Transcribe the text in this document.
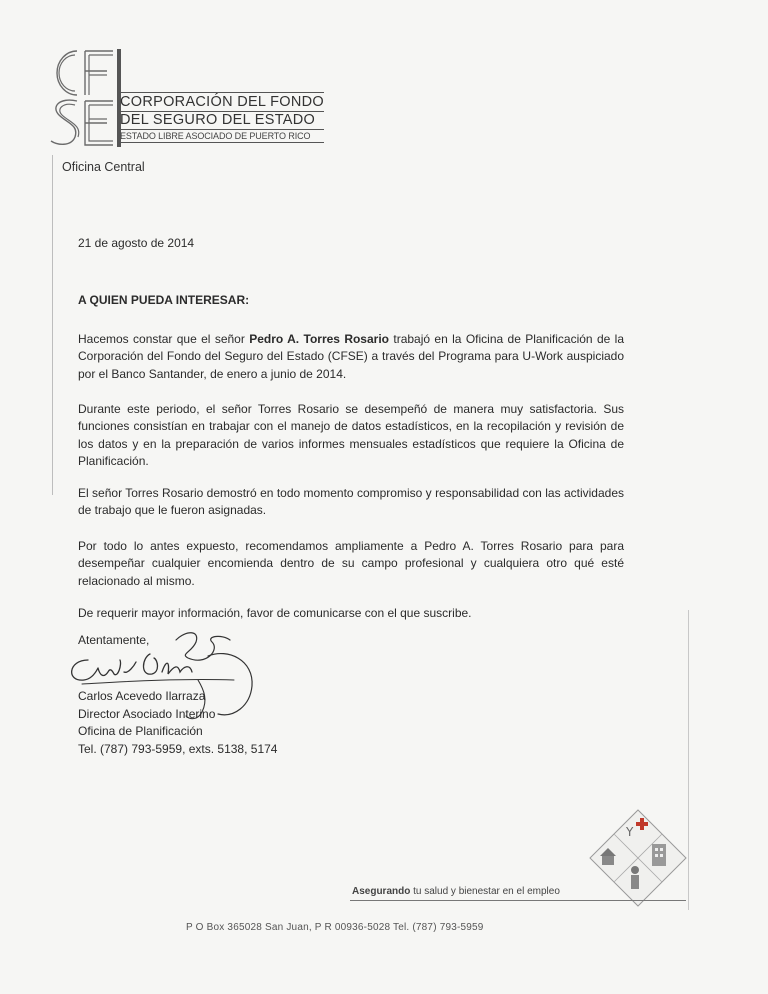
CORPORACIÓN DEL FONDO
DEL SEGURO DEL ESTADO
ESTADO LIBRE ASOCIADO DE PUERTO RICO
Oficina Central
21 de agosto de 2014
A QUIEN PUEDA INTERESAR:
Hacemos constar que el señor Pedro A. Torres Rosario trabajó en la Oficina de Planificación de la Corporación del Fondo del Seguro del Estado (CFSE) a través del Programa para U-Work auspiciado por el Banco Santander, de enero a junio de 2014.
Durante este periodo, el señor Torres Rosario se desempeñó de manera muy satisfactoria. Sus funciones consistían en trabajar con el manejo de datos estadísticos, en la recopilación y revisión de los datos y en la preparación de varios informes mensuales estadísticos que requiere la Oficina de Planificación.
El señor Torres Rosario demostró en todo momento compromiso y responsabilidad con las actividades de trabajo que le fueron asignadas.
Por todo lo antes expuesto, recomendamos ampliamente a Pedro A. Torres Rosario para para desempeñar cualquier encomienda dentro de su campo profesional y cualquiera otro qué esté relacionado al mismo.
De requerir mayor información, favor de comunicarse con el que suscribe.
Atentamente,
Carlos Acevedo Ilarraza
Director Asociado Interino
Oficina de Planificación
Tel. (787) 793-5959, exts. 5138, 5174
Y
Asegurando tu salud y bienestar en el empleo
P O Box 365028 San Juan, P R 00936-5028 Tel. (787) 793-5959
